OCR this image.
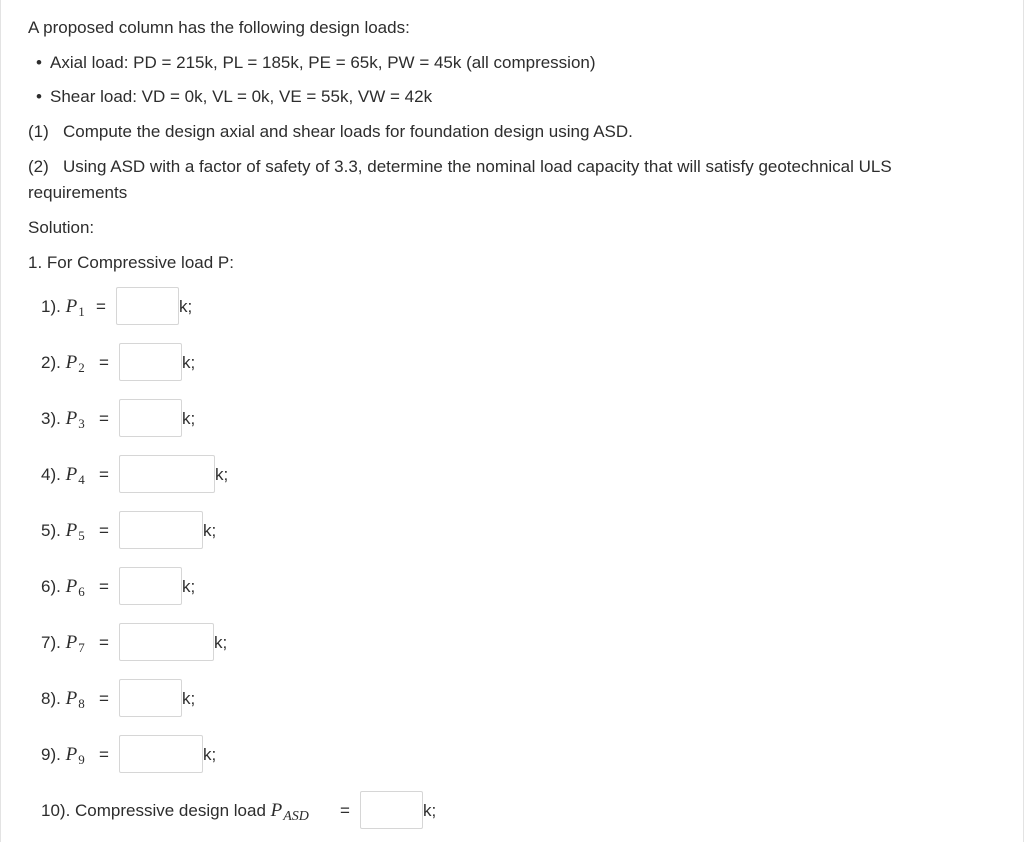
A proposed column has the following design loads:
• Axial load: PD = 215k, PL = 185k, PE = 65k, PW = 45k (all compression)
• Shear load: VD = 0k, VL = 0k, VE = 55k, VW = 42k
(1) Compute the design axial and shear loads for foundation design using ASD.
(2) Using ASD with a factor of safety of 3.3, determine the nominal load capacity that will satisfy geotechnical ULS
requirements
Solution:
1. For Compressive load P:
1). $P_1$ =	k;
2). $P_2$ =	k;
3). $P_3$ =	k;
4). $P_4$ =	k;
5). $P_5$ =	k;
6). $P_6$ =	k;
7). $P_7$ =	k;
8). $P_8$ =	k;
9). $P_9$ =	k;
10). Compressive design load $P_{ASD}$ =	k;
